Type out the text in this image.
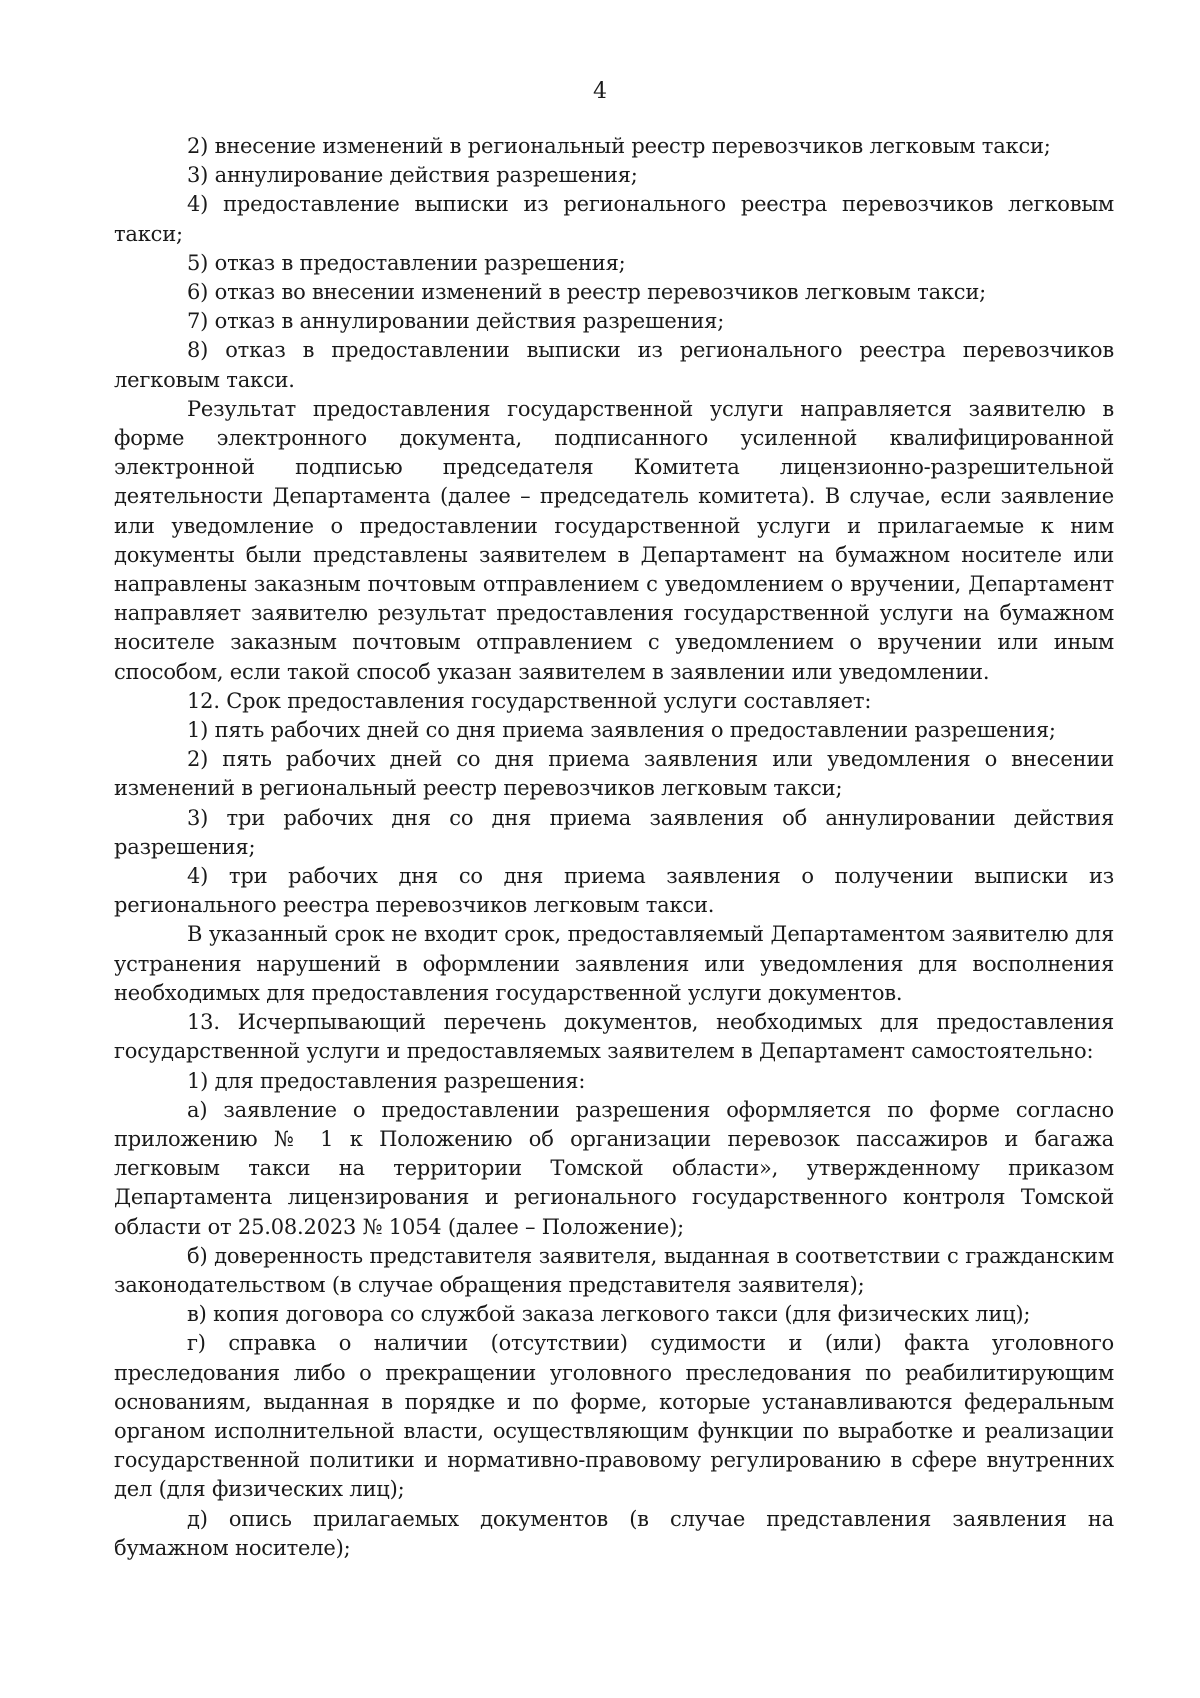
4

2) внесение изменений в региональный реестр перевозчиков легковым такси;

3) аннулирование действия разрешения;

4) предоставление выписки из регионального реестра перевозчиков легковым такси;

5) отказ в предоставлении разрешения;

6) отказ во внесении изменений в реестр перевозчиков легковым такси;

7) отказ в аннулировании действия разрешения;

8) отказ в предоставлении выписки из регионального реестра перевозчиков легковым такси.

Результат предоставления государственной услуги направляется заявителю в форме электронного документа, подписанного усиленной квалифицированной электронной подписью председателя Комитета лицензионно-разрешительной деятельности Департамента (далее – председатель комитета). В случае, если заявление или уведомление о предоставлении государственной услуги и прилагаемые к ним документы были представлены заявителем в Департамент на бумажном носителе или направлены заказным почтовым отправлением с уведомлением о вручении, Департамент направляет заявителю результат предоставления государственной услуги на бумажном носителе заказным почтовым отправлением с уведомлением о вручении или иным способом, если такой способ указан заявителем в заявлении или уведомлении.

12. Срок предоставления государственной услуги составляет:

1) пять рабочих дней со дня приема заявления о предоставлении разрешения;

2) пять рабочих дней со дня приема заявления или уведомления о внесении изменений в региональный реестр перевозчиков легковым такси;

3) три рабочих дня со дня приема заявления об аннулировании действия разрешения;

4) три рабочих дня со дня приема заявления о получении выписки из регионального реестра перевозчиков легковым такси.

В указанный срок не входит срок, предоставляемый Департаментом заявителю для устранения нарушений в оформлении заявления или уведомления для восполнения необходимых для предоставления государственной услуги документов.

13. Исчерпывающий перечень документов, необходимых для предоставления государственной услуги и предоставляемых заявителем в Департамент самостоятельно:

1) для предоставления разрешения:

а) заявление о предоставлении разрешения оформляется по форме согласно приложению № 1 к Положению об организации перевозок пассажиров и багажа легковым такси на территории Томской области», утвержденному приказом Департамента лицензирования и регионального государственного контроля Томской области от 25.08.2023 № 1054 (далее – Положение);

б) доверенность представителя заявителя, выданная в соответствии с гражданским законодательством (в случае обращения представителя заявителя);

в) копия договора со службой заказа легкового такси (для физических лиц);

г) справка о наличии (отсутствии) судимости и (или) факта уголовного преследования либо о прекращении уголовного преследования по реабилитирующим основаниям, выданная в порядке и по форме, которые устанавливаются федеральным органом исполнительной власти, осуществляющим функции по выработке и реализации государственной политики и нормативно-правовому регулированию в сфере внутренних дел (для физических лиц);

д) опись прилагаемых документов (в случае представления заявления на бумажном носителе);
